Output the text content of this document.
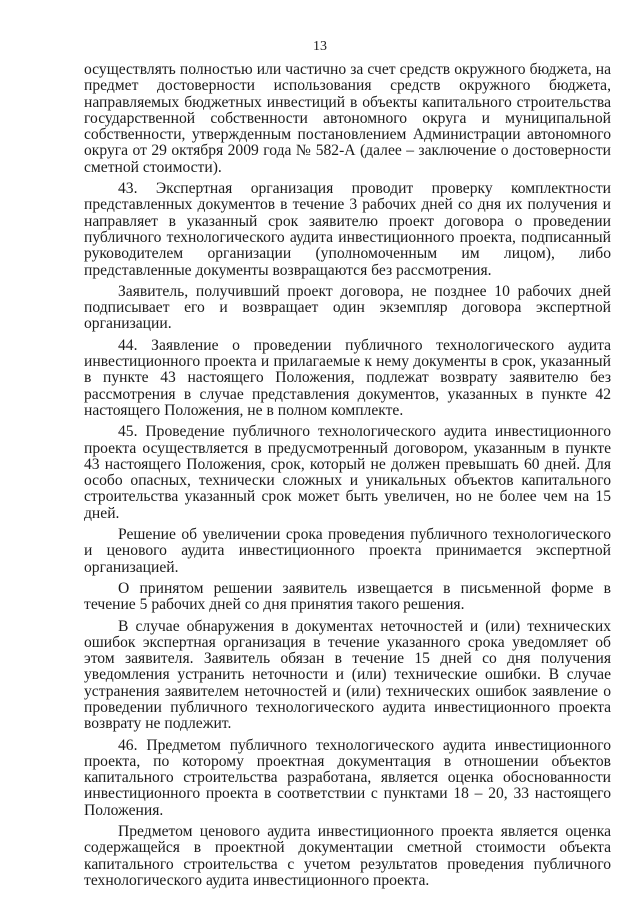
13

осуществлять полностью или частично за счет средств окружного бюджета, на предмет достоверности использования средств окружного бюджета, направляемых бюджетных инвестиций в объекты капитального строительства государственной собственности автономного округа и муниципальной собственности, утвержденным постановлением Администрации автономного округа от 29 октября 2009 года № 582-А (далее – заключение о достоверности сметной стоимости).

43. Экспертная организация проводит проверку комплектности представленных документов в течение 3 рабочих дней со дня их получения и направляет в указанный срок заявителю проект договора о проведении публичного технологического аудита инвестиционного проекта, подписанный руководителем организации (уполномоченным им лицом), либо представленные документы возвращаются без рассмотрения.

Заявитель, получивший проект договора, не позднее 10 рабочих дней подписывает его и возвращает один экземпляр договора экспертной организации.

44. Заявление о проведении публичного технологического аудита инвестиционного проекта и прилагаемые к нему документы в срок, указанный в пункте 43 настоящего Положения, подлежат возврату заявителю без рассмотрения в случае представления документов, указанных в пункте 42 настоящего Положения, не в полном комплекте.

45. Проведение публичного технологического аудита инвестиционного проекта осуществляется в предусмотренный договором, указанным в пункте 43 настоящего Положения, срок, который не должен превышать 60 дней. Для особо опасных, технически сложных и уникальных объектов капитального строительства указанный срок может быть увеличен, но не более чем на 15 дней.

Решение об увеличении срока проведения публичного технологического и ценового аудита инвестиционного проекта принимается экспертной организацией.

О принятом решении заявитель извещается в письменной форме в течение 5 рабочих дней со дня принятия такого решения.

В случае обнаружения в документах неточностей и (или) технических ошибок экспертная организация в течение указанного срока уведомляет об этом заявителя. Заявитель обязан в течение 15 дней со дня получения уведомления устранить неточности и (или) технические ошибки. В случае устранения заявителем неточностей и (или) технических ошибок заявление о проведении публичного технологического аудита инвестиционного проекта возврату не подлежит.

46. Предметом публичного технологического аудита инвестиционного проекта, по которому проектная документация в отношении объектов капитального строительства разработана, является оценка обоснованности инвестиционного проекта в соответствии с пунктами 18 – 20, 33 настоящего Положения.

Предметом ценового аудита инвестиционного проекта является оценка содержащейся в проектной документации сметной стоимости объекта капитального строительства с учетом результатов проведения публичного технологического аудита инвестиционного проекта.
